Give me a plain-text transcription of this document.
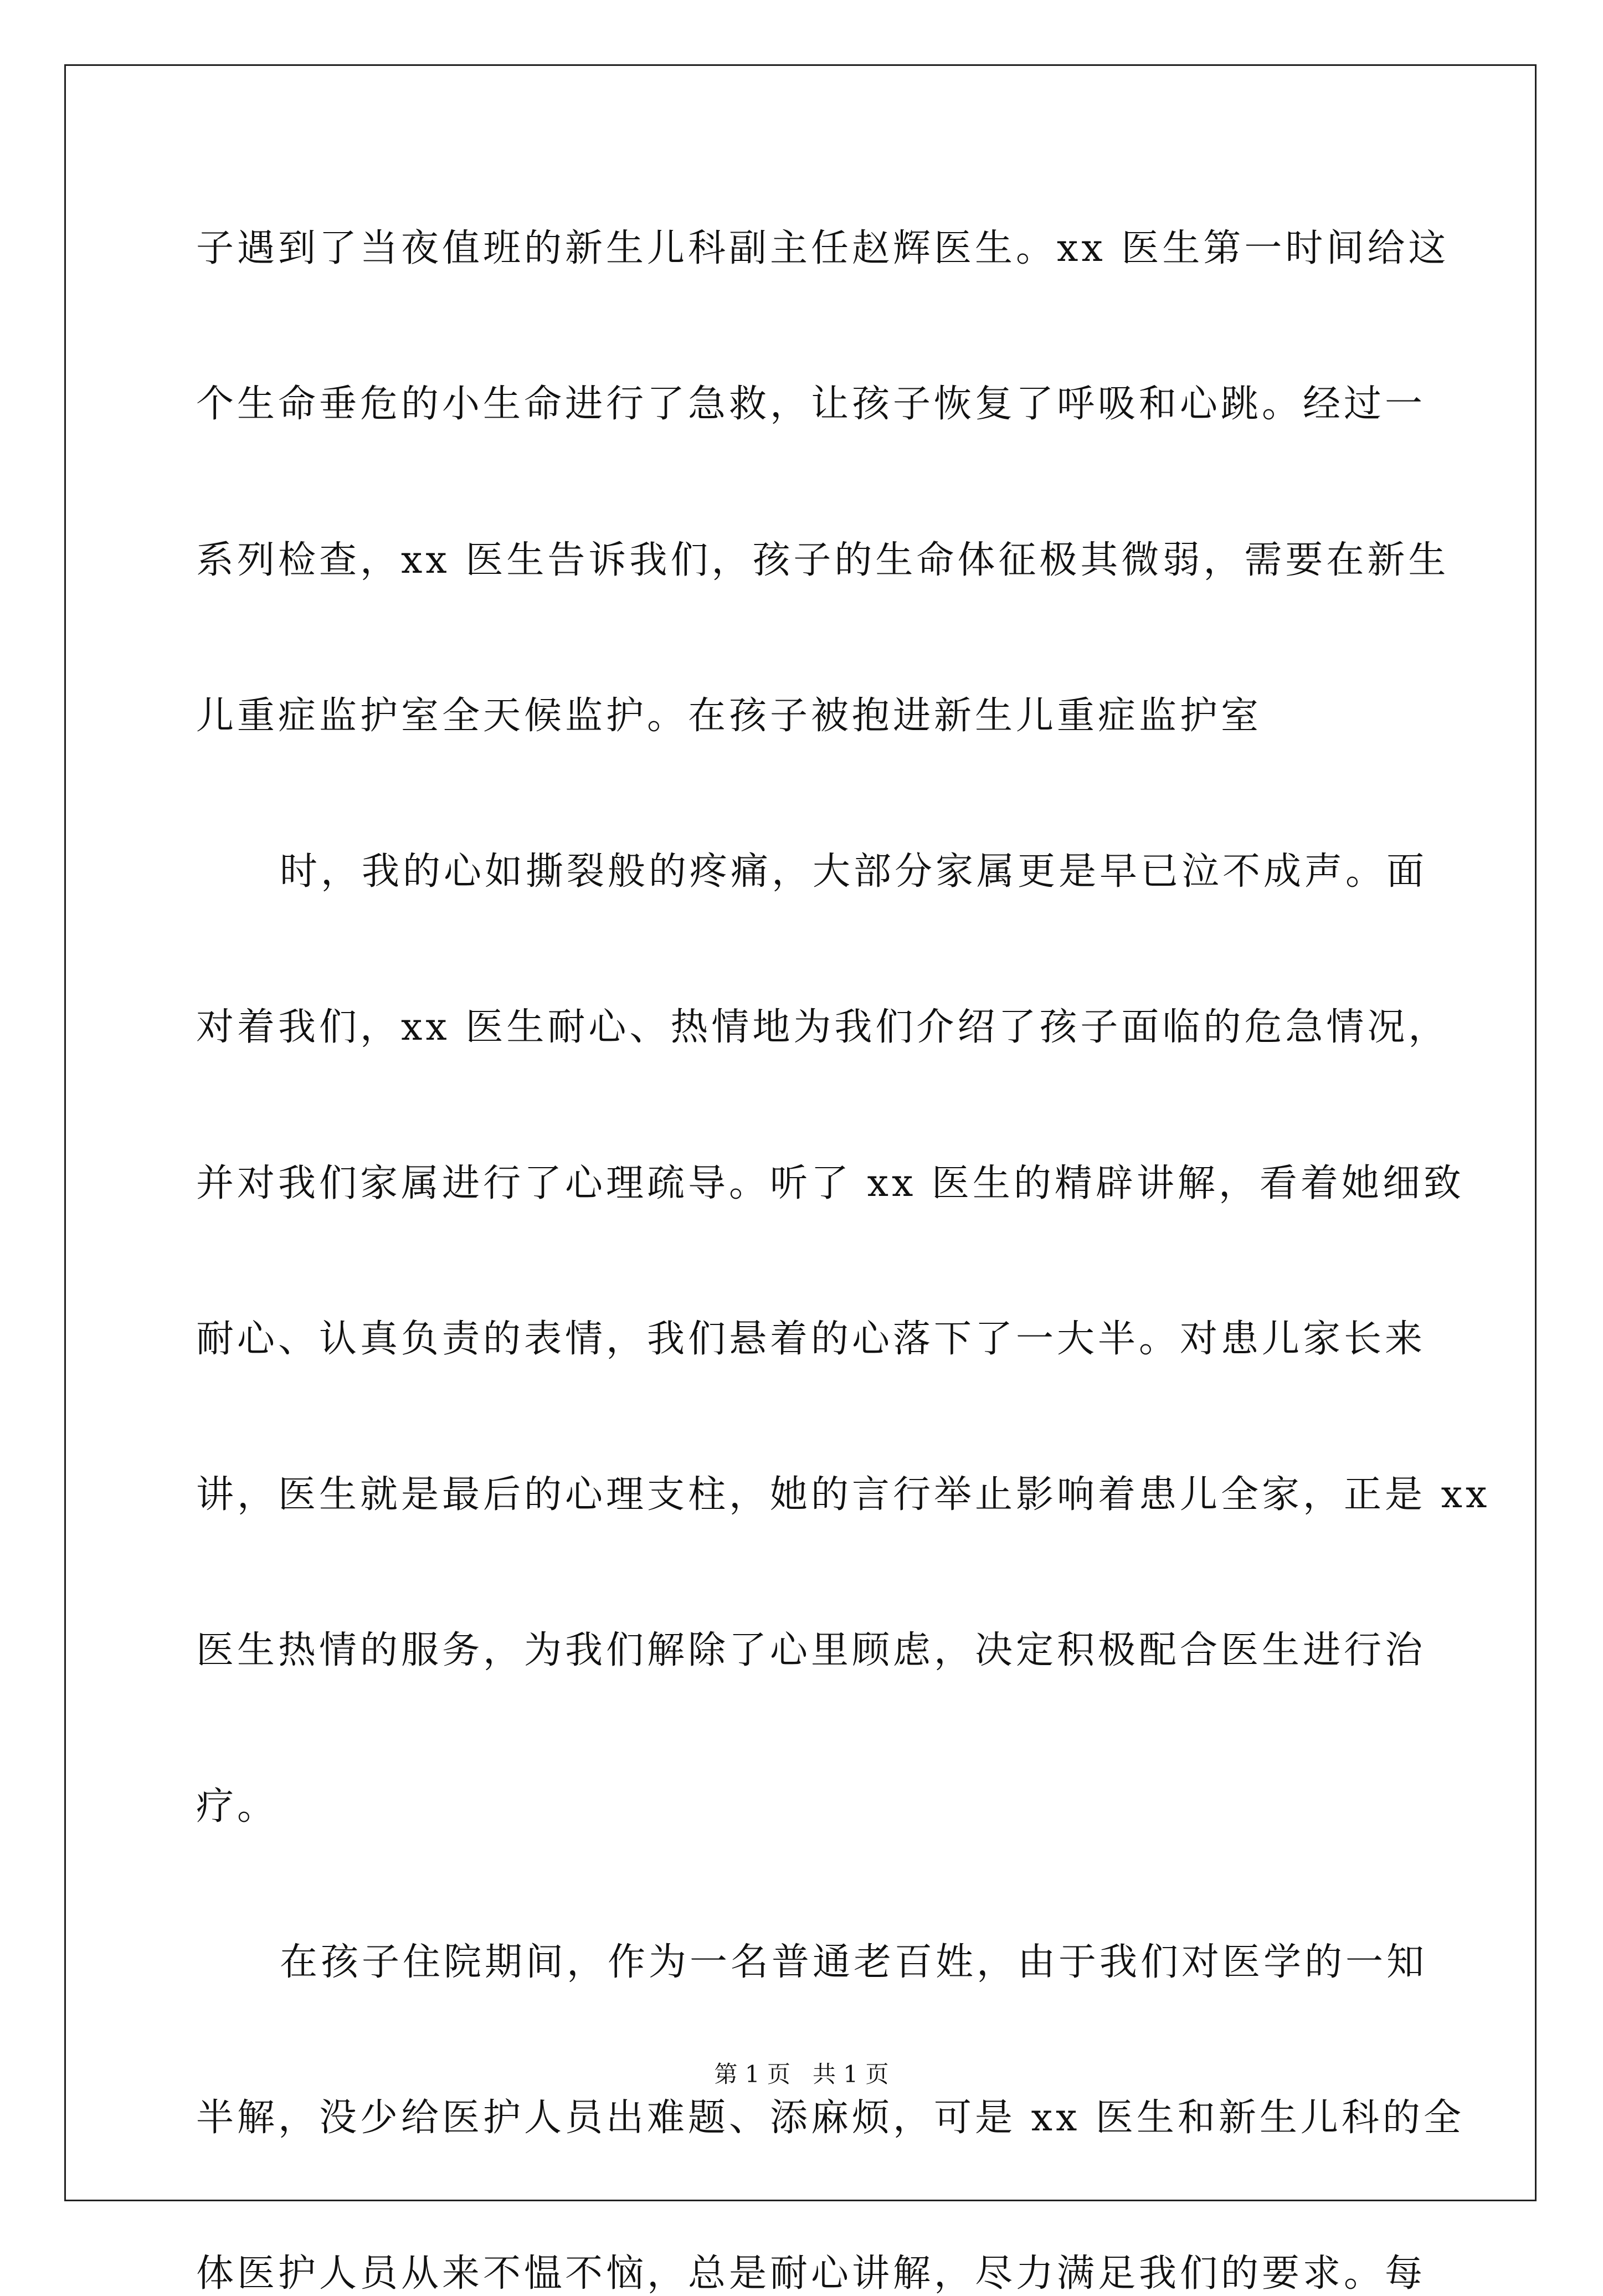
子遇到了当夜值班的新生儿科副主任赵辉医生。xx 医生第一时间给这

个生命垂危的小生命进行了急救，让孩子恢复了呼吸和心跳。经过一

系列检查，xx 医生告诉我们，孩子的生命体征极其微弱，需要在新生

儿重症监护室全天候监护。在孩子被抱进新生儿重症监护室

时，我的心如撕裂般的疼痛，大部分家属更是早已泣不成声。面

对着我们，xx 医生耐心、热情地为我们介绍了孩子面临的危急情况，

并对我们家属进行了心理疏导。听了 xx 医生的精辟讲解，看着她细致

耐心、认真负责的表情，我们悬着的心落下了一大半。对患儿家长来

讲，医生就是最后的心理支柱，她的言行举止影响着患儿全家，正是 xx

医生热情的服务，为我们解除了心里顾虑，决定积极配合医生进行治

疗。

在孩子住院期间，作为一名普通老百姓，由于我们对医学的一知

半解，没少给医护人员出难题、添麻烦，可是 xx 医生和新生儿科的全

体医护人员从来不愠不恼，总是耐心讲解，尽力满足我们的要求。每

第 1 页   共 1 页
